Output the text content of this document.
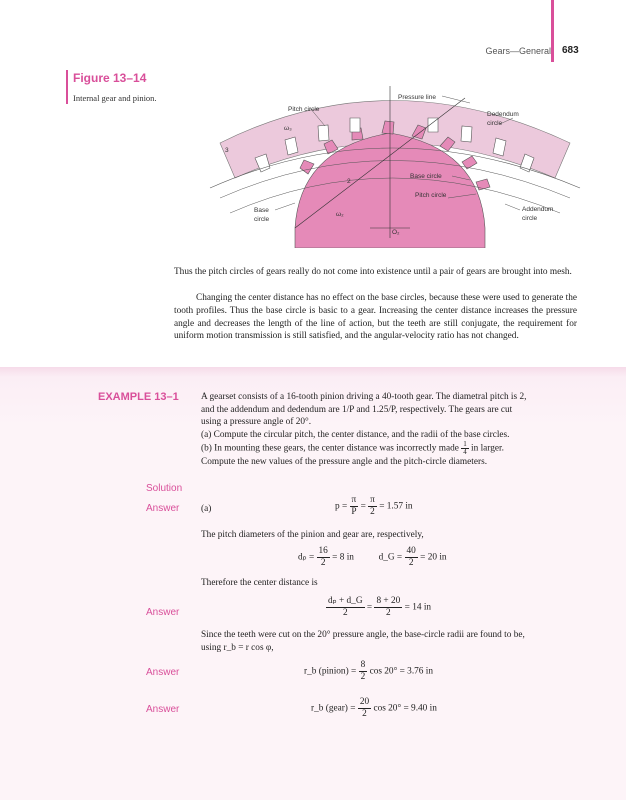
Gears—General 683
Figure 13–14
Internal gear and pinion.	Pressure line
Pitch circle
Dedendum
circle
ω₃
3
2
Base circle
Pitch circle
Base
circle
ω₂
O₂
Addendum
circle
Thus the pitch circles of gears really do not come into existence until a pair of gears are brought into mesh.
Changing the center distance has no effect on the base circles, because these were used to generate the tooth profiles. Thus the base circle is basic to a gear. Increasing the center distance increases the pressure angle and decreases the length of the line of action, but the teeth are still conjugate, the requirement for uniform motion transmission is still satisfied, and the angular-velocity ratio has not changed.
EXAMPLE 13–1 A gearset consists of a 16-tooth pinion driving a 40-tooth gear. The diametral pitch is 2,
and the addendum and dedendum are 1/P and 1.25/P, respectively. The gears are cut
using a pressure angle of 20°.
(a) Compute the circular pitch, the center distance, and the radii of the base circles.
(b) In mounting these gears, the center distance was incorrectly made $\frac{1}{4}$ in larger.
Compute the new values of the pressure angle and the pitch-circle diameters.
Solution
Answer
Answer
Answer
Answer
(a)	$p = \frac{\pi}{P} = \frac{\pi}{2} = 1.57$ in
The pitch diameters of the pinion and gear are, respectively,
$d_p = \frac{16}{2} = 8$ in	d_G = $\frac{40}{2} = 20$ in
Therefore the center distance is
$\frac{\text{dₚ + d\_G}}{2} = \frac{8 + 20}{2} = 14$ in
Since the teeth were cut on the 20° pressure angle, the base-circle radii are found to be,
using r_b = r cos φ,
r_b (pinion) = $\frac{8}{2}$ cos 20° = 3.76 in
r_b (gear) = $\frac{20}{2}$ cos 20° = 9.40 in
